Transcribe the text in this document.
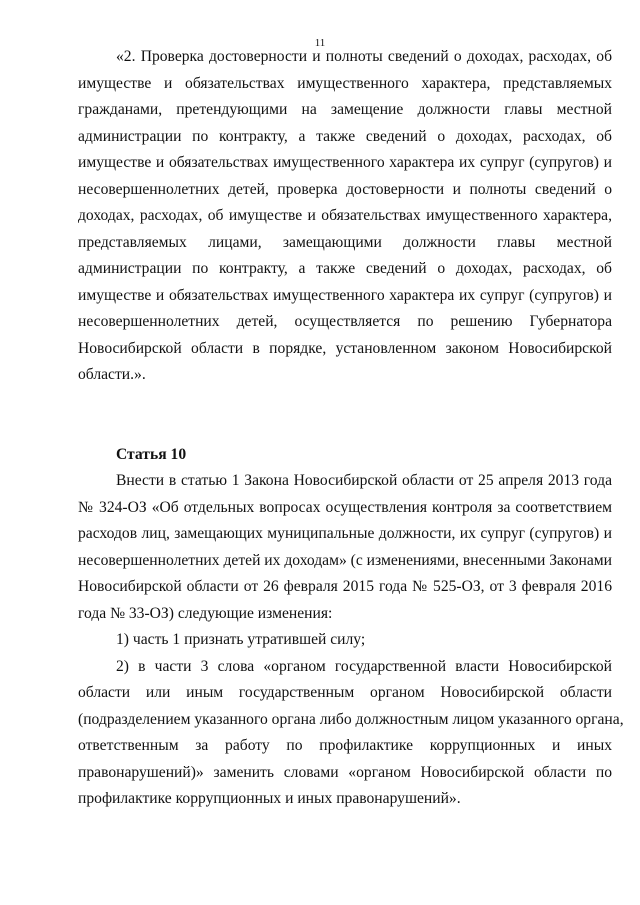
11
«2. Проверка достоверности и полноты сведений о доходах, расходах, об
имуществе и обязательствах имущественного характера, представляемых
гражданами, претендующими на замещение должности главы местной
администрации по контракту, а также сведений о доходах, расходах, об
имуществе и обязательствах имущественного характера их супруг (супругов) и
несовершеннолетних детей, проверка достоверности и полноты сведений о
доходах, расходах, об имуществе и обязательствах имущественного характера,
представляемых лицами, замещающими должности главы местной
администрации по контракту, а также сведений о доходах, расходах, об
имуществе и обязательствах имущественного характера их супруг (супругов) и
несовершеннолетних детей, осуществляется по решению Губернатора
Новосибирской области в порядке, установленном законом Новосибирской
области.».
Статья 10
Внести в статью 1 Закона Новосибирской области от 25 апреля 2013 года
№ 324-ОЗ «Об отдельных вопросах осуществления контроля за соответствием
расходов лиц, замещающих муниципальные должности, их супруг (супругов) и
несовершеннолетних детей их доходам» (с изменениями, внесенными Законами
Новосибирской области от 26 февраля 2015 года № 525-ОЗ, от 3 февраля 2016
года № 33-ОЗ) следующие изменения:
1) часть 1 признать утратившей силу;
2) в части 3 слова «органом государственной власти Новосибирской
области или иным государственным органом Новосибирской области
(подразделением указанного органа либо должностным лицом указанного органа,
ответственным за работу по профилактике коррупционных и иных
правонарушений)» заменить словами «органом Новосибирской области по
профилактике коррупционных и иных правонарушений».
